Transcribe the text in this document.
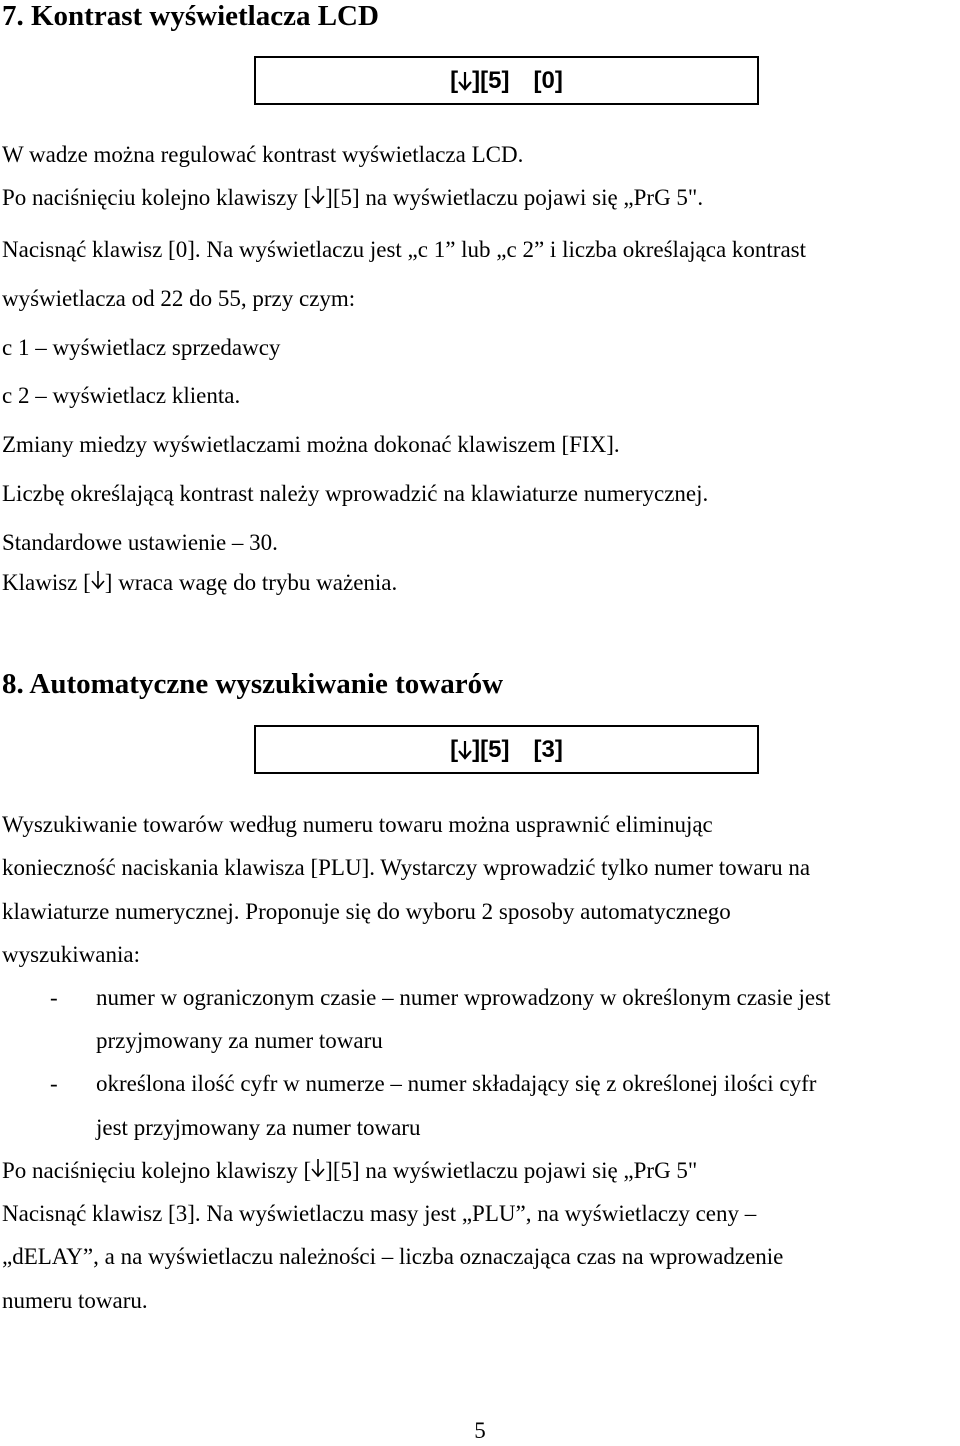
7. Kontrast wyświetlacza LCD
[ ][ 5 ] [ 0 ]

W wadze można regulować kontrast wyświetlacza LCD.

Po naciśnięciu kolejno klawiszy [ ][5] na wyświetlaczu pojawi się „PrG 5".

Nacisnąć klawisz [0]. Na wyświetlaczu jest „c 1” lub „c 2” i liczba określająca kontrast

wyświetlacza od 22 do 55, przy czym:

c 1 – wyświetlacz sprzedawcy

c 2 – wyświetlacz klienta.

Zmiany miedzy wyświetlaczami można dokonać klawiszem [FIX].

Liczbę określającą kontrast należy wprowadzić na klawiaturze numerycznej.

Standardowe ustawienie – 30.

Klawisz [ ] wraca wagę do trybu ważenia.

8. Automatyczne wyszukiwanie towarów
[ ][ 5 ] [ 3 ]

Wyszukiwanie towarów według numeru towaru można usprawnić eliminując

konieczność naciskania klawisza [PLU]. Wystarczy wprowadzić tylko numer towaru na

klawiaturze numerycznej. Proponuje się do wyboru 2 sposoby automatycznego

wyszukiwania:

- numer w ograniczonym czasie – numer wprowadzony w określonym czasie jest

przyjmowany za numer towaru

- określona ilość cyfr w numerze – numer składający się z określonej ilości cyfr

jest przyjmowany za numer towaru

Po naciśnięciu kolejno klawiszy [ ][5] na wyświetlaczu pojawi się „PrG 5"

Nacisnąć klawisz [3]. Na wyświetlaczu masy jest „PLU”, na wyświetlaczy ceny –

„dELAY”, a na wyświetlaczu należności – liczba oznaczająca czas na wprowadzenie

numeru towaru.

5
